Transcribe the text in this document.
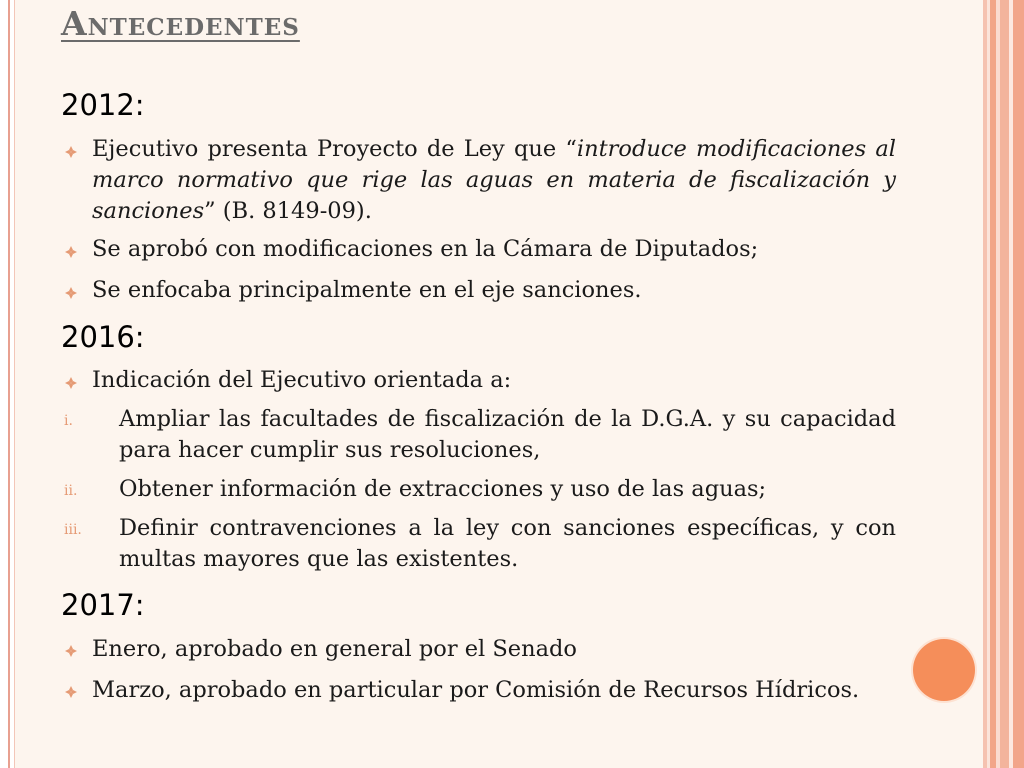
Antecedentes
2012:
Ejecutivo presenta Proyecto de Ley que “introduce modificaciones al marco normativo que rige las aguas en materia de fiscalización y sanciones” (B. 8149-09).
Se aprobó con modificaciones en la Cámara de Diputados;
Se enfocaba principalmente en el eje sanciones.
2016:
Indicación del Ejecutivo orientada a:
i. Ampliar las facultades de fiscalización de la D.G.A. y su capacidad para hacer cumplir sus resoluciones,
ii. Obtener información de extracciones y uso de las aguas;
iii. Definir contravenciones a la ley con sanciones específicas, y con multas mayores que las existentes.
2017:
Enero, aprobado en general por el Senado
Marzo, aprobado en particular por Comisión de Recursos Hídricos.
